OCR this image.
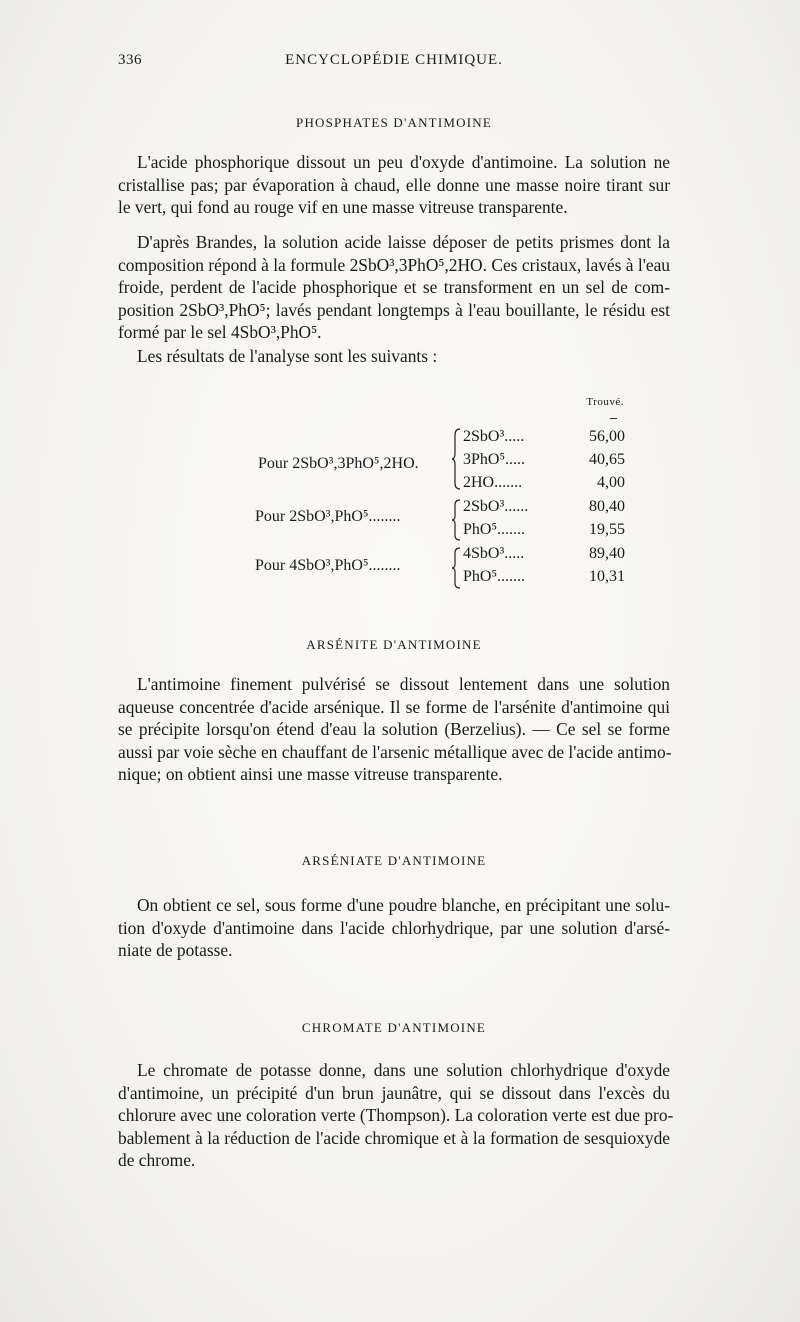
336	ENCYCLOPÉDIE CHIMIQUE.
PHOSPHATES D'ANTIMOINE
L'acide phosphorique dissout un peu d'oxyde d'antimoine. La solution ne
cristallise pas; par évaporation à chaud, elle donne une masse noire tirant sur
le vert, qui fond au rouge vif en une masse vitreuse transparente.
D'après Brandes, la solution acide laisse déposer de petits prismes dont la
composition répond à la formule 2SbO³,3PhO⁵,2HO. Ces cristaux, lavés à l'eau
froide, perdent de l'acide phosphorique et se transforment en un sel de com-
position 2SbO³,PhO⁵; lavés pendant longtemps à l'eau bouillante, le résidu est
formé par le sel 4SbO³,PhO⁵.
Les résultats de l'analyse sont les suivants :
Trouvé.
Pour 2SbO³,3PhO⁵,2HO.
2SbO³.....	56,00
3PhO⁵.....	40,65
2HO.......	4,00
Pour 2SbO³,PhO⁵........
2SbO³......	80,40
PhO⁵.......	19,55
Pour 4SbO³,PhO⁵........
4SbO³.....	89,40
PhO⁵.......	10,31
ARSÉNITE D'ANTIMOINE
L'antimoine finement pulvérisé se dissout lentement dans une solution
aqueuse concentrée d'acide arsénique. Il se forme de l'arsénite d'antimoine qui
se précipite lorsqu'on étend d'eau la solution (Berzelius). — Ce sel se forme
aussi par voie sèche en chauffant de l'arsenic métallique avec de l'acide antimo-
nique; on obtient ainsi une masse vitreuse transparente.
ARSÉNIATE D'ANTIMOINE
On obtient ce sel, sous forme d'une poudre blanche, en précipitant une solu-
tion d'oxyde d'antimoine dans l'acide chlorhydrique, par une solution d'arsé-
niate de potasse.
CHROMATE D'ANTIMOINE
Le chromate de potasse donne, dans une solution chlorhydrique d'oxyde
d'antimoine, un précipité d'un brun jaunâtre, qui se dissout dans l'excès du
chlorure avec une coloration verte (Thompson). La coloration verte est due pro-
bablement à la réduction de l'acide chromique et à la formation de sesquioxyde
de chrome.
